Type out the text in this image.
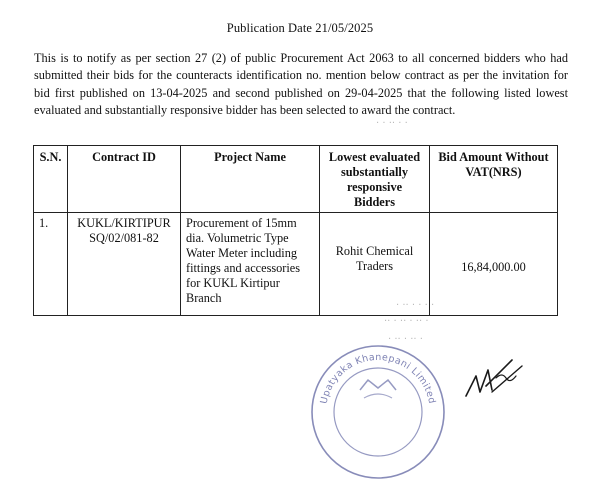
Publication Date 21/05/2025
This is to notify as per section 27 (2) of public Procurement Act 2063 to all concerned bidders who had submitted their bids for the counteracts identification no. mention below contract as per the invitation for bid first published on 13-04-2025 and second published on 29-04-2025 that the following listed lowest evaluated and substantially responsive bidder has been selected to award the contract.
· · ·· · ·
· ·· · · · ·
·· · ·· · ·· ·
· ·· · ·· ·
S.N.	Contract ID	Project Name	Lowest evaluated substantially responsive Bidders	Bid Amount Without VAT(NRS)
1.	KUKL/KIRTIPUR SQ/02/081-82	Procurement of 15mm dia. Volumetric Type Water Meter including fittings and accessories for KUKL Kirtipur Branch	Rohit Chemical Traders	16,84,000.00
Upatyaka Khanepani Limited
